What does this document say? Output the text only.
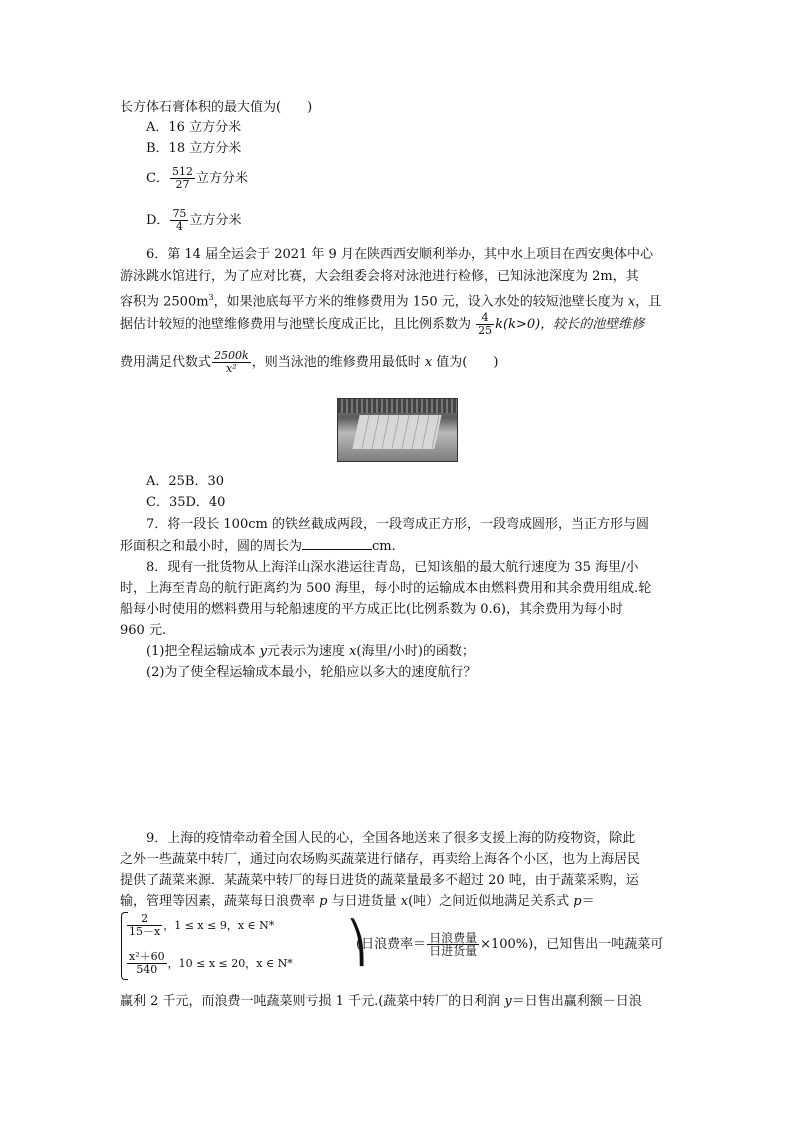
长方体石膏体积的最大值为(　　)
A．16 立方分米
B．18 立方分米
C． $\frac{512}{27}$ 立方分米
D． $\frac{75}{4}$ 立方分米
6．第 14 届全运会于 2021 年 9 月在陕西西安顺利举办，其中水上项目在西安奥体中心
游泳跳水馆进行，为了应对比赛，大会组委会将对泳池进行检修，已知泳池深度为 2m，其
容积为 $2500m^3$，如果池底每平方米的维修费用为 150 元，设入水处的较短池壁长度为 x，且
据估计较短的池壁维修费用与池壁长度成正比，且比例系数为 $\frac{4}{25} k(k>0)$，较长的池壁维修
费用满足代数式 $\frac{2500k}{\text{x²}}$ ，则当泳池的维修费用最低时 x 值为(　　)
A．25B．30
C．35D．40
7．将一段长 100cm 的铁丝截成两段，一段弯成正方形，一段弯成圆形，当正方形与圆
形面积之和最小时，圆的周长为	cm.
8．现有一批货物从上海洋山深水港运往青岛，已知该船的最大航行速度为 35 海里/小
时，上海至青岛的航行距离约为 500 海里，每小时的运输成本由燃料费用和其余费用组成.轮
船每小时使用的燃料费用与轮船速度的平方成正比(比例系数为 0.6)，其余费用为每小时
960 元.
(1)把全程运输成本 y元表示为速度 x(海里/小时)的函数；
(2)为了使全程运输成本最小，轮船应以多大的速度航行？
9．上海的疫情牵动着全国人民的心，全国各地送来了很多支援上海的防疫物资，除此
之外一些蔬菜中转厂，通过向农场购买蔬菜进行储存，再卖给上海各个小区，也为上海居民
提供了蔬菜来源．某蔬菜中转厂的每日进货的蔬菜量最多不超过 20 吨，由于蔬菜采购，运
输，管理等因素，蔬菜每日浪费率 p 与日进货量 x(吨）之间近似地满足关系式 p＝
$\frac{2}{15-x}$ ，1 ≤ x ≤ 9，x ∈ N*
$\frac{\text{x²＋60}}{540}$ ，10 ≤ x ≤ 20，x ∈ N* ⎞
(日浪费率＝ $\frac{\text{日浪费量}}{\text{日进货量}} \times 100\%$)，已知售出一吨蔬菜可
赢利 2 千元，而浪费一吨蔬菜则亏损 1 千元.(蔬菜中转厂的日利润 y＝日售出赢利额－日浪
